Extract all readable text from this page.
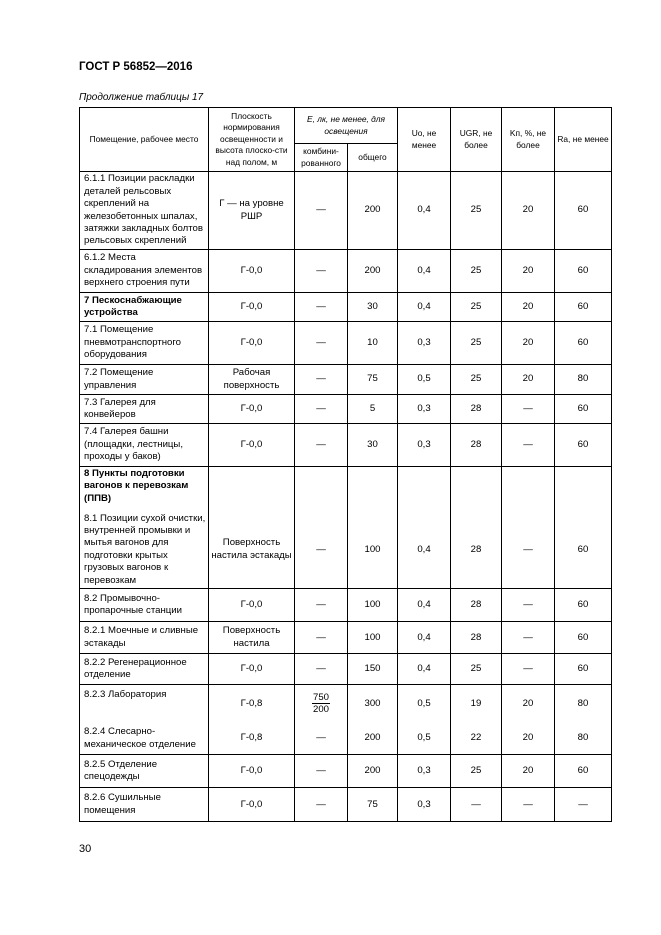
ГОСТ Р 56852—2016
Продолжение таблицы 17
Помещение, рабочее место	Плоскость нормирования освещенности и высота плоско-сти над полом, м	E, лк, не менее, для освещения		Uo, не менее	UGR, не более	Kп, %, не более	Ra, не менее
		комбини-рованного	общего				
6.1.1 Позиции раскладки деталей рельсовых скреплений на железобетонных шпалах, затяжки закладных болтов рельсовых скреплений	Г — на уровне РШР	—	200	0,4	25	20	60
6.1.2 Места складирования элементов верхнего строения пути	Г-0,0	—	200	0,4	25	20	60
7 Пескоснабжающие устройства	Г-0,0	—	30	0,4	25	20	60
7.1 Помещение пневмотранспортного оборудования	Г-0,0	—	10	0,3	25	20	60
7.2 Помещение управления	Рабочая поверхность	—	75	0,5	25	20	80
7.3 Галерея для конвейеров	Г-0,0	—	5	0,3	28	—	60
7.4 Галерея башни (площадки, лестницы, проходы у баков)	Г-0,0	—	30	0,3	28	—	60
8 Пункты подготовки вагонов к перевозкам (ППВ)							
8.1 Позиции сухой очистки, внутренней промывки и мытья вагонов для подготовки крытых грузовых вагонов к перевозкам	Поверхность настила эстакады	—	100	0,4	28	—	60
8.2 Промывочно-пропарочные станции	Г-0,0	—	100	0,4	28	—	60
8.2.1 Моечные и сливные эстакады	Поверхность настила	—	100	0,4	28	—	60
8.2.2 Регенерационное отделение	Г-0,0	—	150	0,4	25	—	60
8.2.3 Лаборатория	Г-0,8	$\frac{750}{200}$	300	0,5	19	20	80
8.2.4 Слесарно-механическое отделение	Г-0,8	—	200	0,5	22	20	80
8.2.5 Отделение спецодежды	Г-0,0	—	200	0,3	25	20	60
8.2.6 Сушильные помещения	Г-0,0	—	75	0,3	—	—	—
30
